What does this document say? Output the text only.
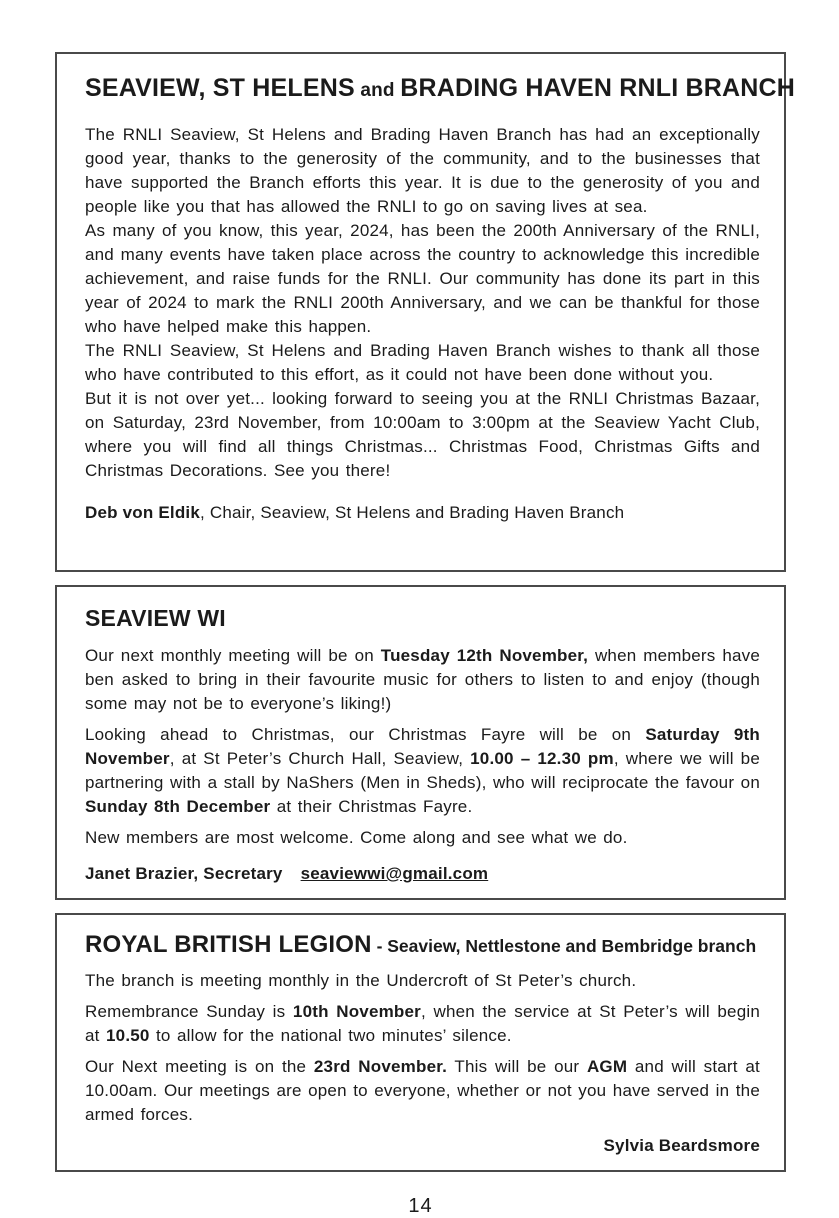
SEAVIEW, ST HELENS and BRADING HAVEN RNLI BRANCH

The RNLI Seaview, St Helens and Brading Haven Branch has had an exceptionally good year, thanks to the generosity of the community, and to the businesses that have supported the Branch efforts this year. It is due to the generosity of you and people like you that has allowed the RNLI to go on saving lives at sea.

As many of you know, this year, 2024, has been the 200th Anniversary of the RNLI, and many events have taken place across the country to acknowledge this incredible achievement, and raise funds for the RNLI. Our community has done its part in this year of 2024 to mark the RNLI 200th Anniversary, and we can be thankful for those who have helped make this happen.

The RNLI Seaview, St Helens and Brading Haven Branch wishes to thank all those who have contributed to this effort, as it could not have been done without you.

But it is not over yet... looking forward to seeing you at the RNLI Christmas Bazaar, on Saturday, 23rd November, from 10:00am to 3:00pm at the Seaview Yacht Club, where you will find all things Christmas... Christmas Food, Christmas Gifts and Christmas Decorations. See you there!

Deb von Eldik, Chair, Seaview, St Helens and Brading Haven Branch

SEAVIEW WI

Our next monthly meeting will be on Tuesday 12th November, when members have ben asked to bring in their favourite music for others to listen to and enjoy (though some may not be to everyone’s liking!)

Looking ahead to Christmas, our Christmas Fayre will be on Saturday 9th November, at St Peter’s Church Hall, Seaview, 10.00 – 12.30 pm, where we will be partnering with a stall by NaShers (Men in Sheds), who will reciprocate the favour on Sunday 8th December at their Christmas Fayre.

New members are most welcome. Come along and see what we do.

Janet Brazier, Secretary seaviewwi@gmail.com

ROYAL BRITISH LEGION - Seaview, Nettlestone and Bembridge branch

The branch is meeting monthly in the Undercroft of St Peter’s church.

Remembrance Sunday is 10th November, when the service at St Peter’s will begin at 10.50 to allow for the national two minutes’ silence.

Our Next meeting is on the 23rd November. This will be our AGM and will start at 10.00am. Our meetings are open to everyone, whether or not you have served in the armed forces.

Sylvia Beardsmore

14
